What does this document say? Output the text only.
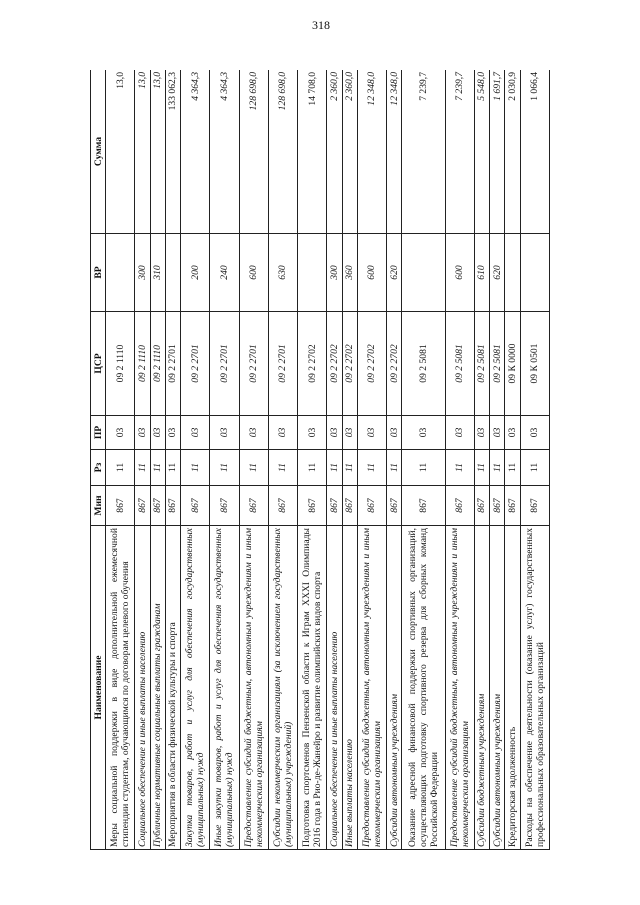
318
Наименование	Мин	Рз	ПР	ЦСР	ВР	Сумма
Меры социальной поддержки в виде дополнительной ежемесячной стипендии студентам, обучающимся по договорам целевого обучения	867	11	03	09 2 1110		13,0
Социальное обеспечение и иные выплаты населению	867	11	03	09 2 1110	300	13,0
Публичные нормативные социальные выплаты гражданам	867	11	03	09 2 1110	310	13,0
Мероприятия в области физической культуры и спорта	867	11	03	09 2 2701		133 062,3
Закупка товаров, работ и услуг для обеспечения государственных (муниципальных) нужд	867	11	03	09 2 2701	200	4 364,3
Иные закупки товаров, работ и услуг для обеспечения государственных (муниципальных) нужд	867	11	03	09 2 2701	240	4 364,3
Предоставление субсидий бюджетным, автономным учреждениям и иным некоммерческим организациям	867	11	03	09 2 2701	600	128 698,0
Субсидии некоммерческим организациям (за исключением государственных (муниципальных) учреждений)	867	11	03	09 2 2701	630	128 698,0
Подготовка спортсменов Пензенской области к Играм XXXI Олимпиады 2016 года в Рио-де-Жанейро и развитие олимпийских видов спорта	867	11	03	09 2 2702		14 708,0
Социальное обеспечение и иные выплаты населению	867	11	03	09 2 2702	300	2 360,0
Иные выплаты населению	867	11	03	09 2 2702	360	2 360,0
Предоставление субсидий бюджетным, автономным учреждениям и иным некоммерческим организациям	867	11	03	09 2 2702	600	12 348,0
Субсидии автономным учреждениям	867	11	03	09 2 2702	620	12 348,0
Оказание адресной финансовой поддержки спортивных организаций, осуществляющих подготовку спортивного резерва для сборных команд Российской Федерации	867	11	03	09 2 5081		7 239,7
Предоставление субсидий бюджетным, автономным учреждениям и иным некоммерческим организациям	867	11	03	09 2 5081	600	7 239,7
Субсидии бюджетным учреждениям	867	11	03	09 2 5081	610	5 548,0
Субсидии автономным учреждениям	867	11	03	09 2 5081	620	1 691,7
Кредиторская задолженность	867	11	03	09 К 0000		2 030,9
Расходы на обеспечение деятельности (оказание услуг) государственных профессиональных образовательных организаций	867	11	03	09 К 0501		1 066,4
